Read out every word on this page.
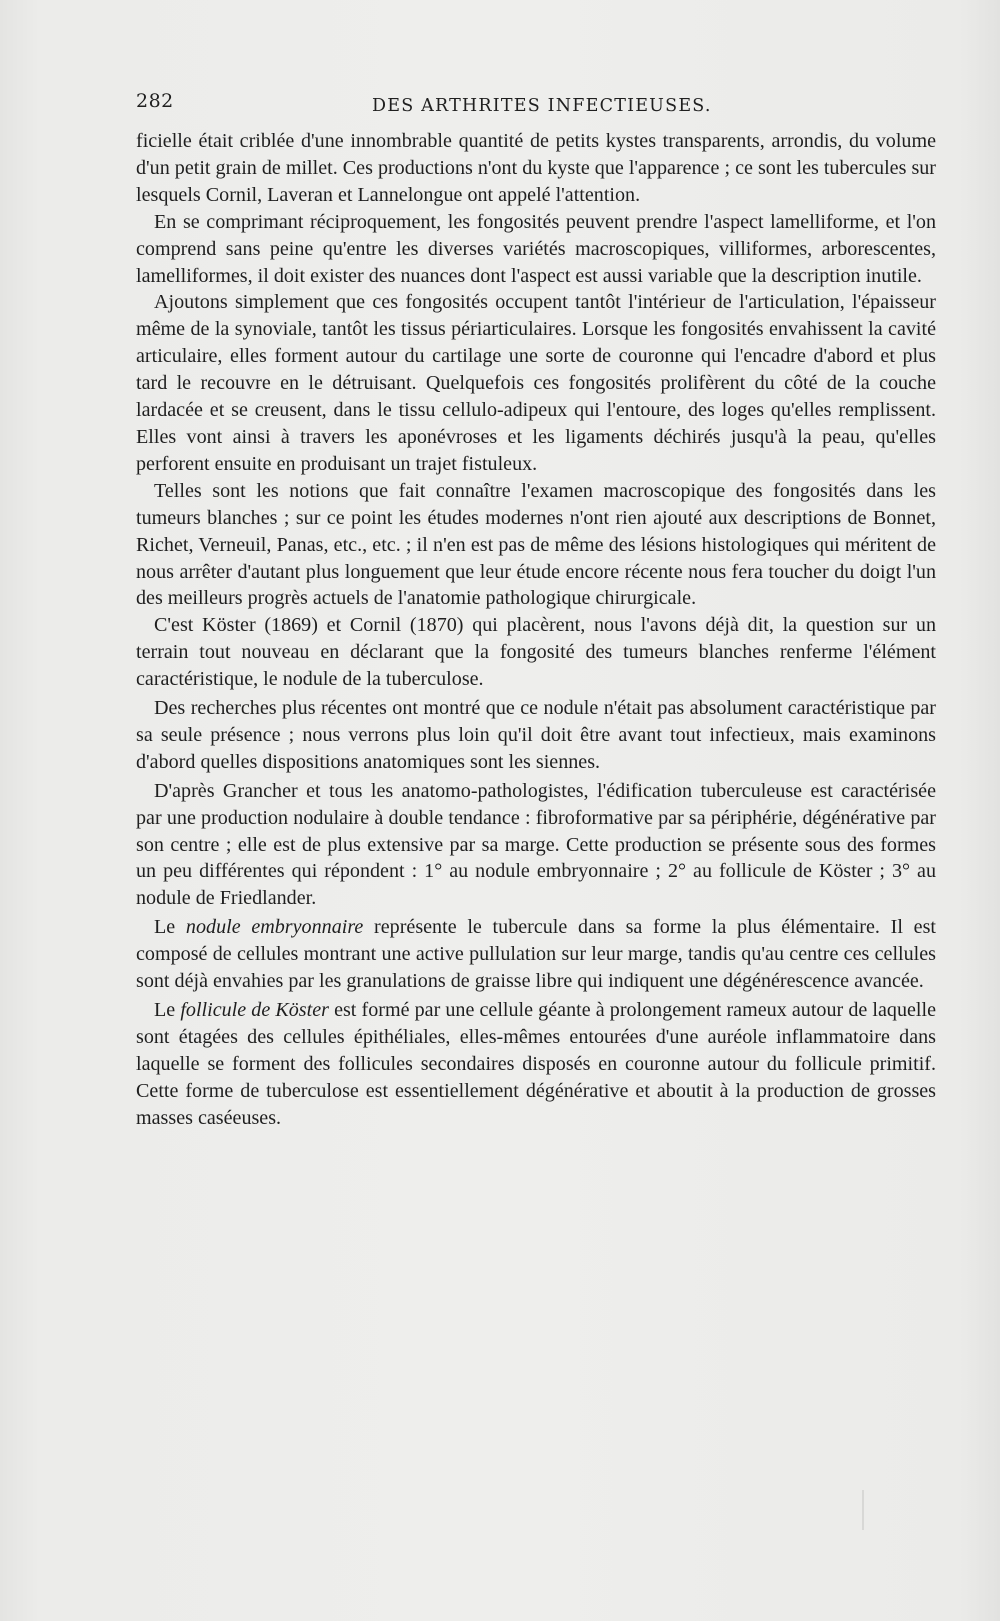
282	DES ARTHRITES INFECTIEUSES.

ficielle était criblée d'une innombrable quantité de petits kystes transparents, arrondis, du volume d'un petit grain de millet. Ces productions n'ont du kyste que l'apparence ; ce sont les tubercules sur lesquels Cornil, Laveran et Lannelongue ont appelé l'attention.

En se comprimant réciproquement, les fongosités peuvent prendre l'aspect lamelliforme, et l'on comprend sans peine qu'entre les diverses variétés macroscopiques, villiformes, arborescentes, lamelliformes, il doit exister des nuances dont l'aspect est aussi variable que la description inutile.

Ajoutons simplement que ces fongosités occupent tantôt l'intérieur de l'articulation, l'épaisseur même de la synoviale, tantôt les tissus périarticulaires. Lorsque les fongosités envahissent la cavité articulaire, elles forment autour du cartilage une sorte de couronne qui l'encadre d'abord et plus tard le recouvre en le détruisant. Quelquefois ces fongosités prolifèrent du côté de la couche lardacée et se creusent, dans le tissu cellulo-adipeux qui l'entoure, des loges qu'elles remplissent. Elles vont ainsi à travers les aponévroses et les ligaments déchirés jusqu'à la peau, qu'elles perforent ensuite en produisant un trajet fistuleux.

Telles sont les notions que fait connaître l'examen macroscopique des fongosités dans les tumeurs blanches ; sur ce point les études modernes n'ont rien ajouté aux descriptions de Bonnet, Richet, Verneuil, Panas, etc., etc. ; il n'en est pas de même des lésions histologiques qui méritent de nous arrêter d'autant plus longuement que leur étude encore récente nous fera toucher du doigt l'un des meilleurs progrès actuels de l'anatomie pathologique chirurgicale.

C'est Köster (1869) et Cornil (1870) qui placèrent, nous l'avons déjà dit, la question sur un terrain tout nouveau en déclarant que la fongosité des tumeurs blanches renferme l'élément caractéristique, le nodule de la tuberculose.

Des recherches plus récentes ont montré que ce nodule n'était pas absolument caractéristique par sa seule présence ; nous verrons plus loin qu'il doit être avant tout infectieux, mais examinons d'abord quelles dispositions anatomiques sont les siennes.

D'après Grancher et tous les anatomo-pathologistes, l'édification tuberculeuse est caractérisée par une production nodulaire à double tendance : fibroformative par sa périphérie, dégénérative par son centre ; elle est de plus extensive par sa marge. Cette production se présente sous des formes un peu différentes qui répondent : 1° au nodule embryonnaire ; 2° au follicule de Köster ; 3° au nodule de Friedlander.

Le nodule embryonnaire représente le tubercule dans sa forme la plus élémentaire. Il est composé de cellules montrant une active pullulation sur leur marge, tandis qu'au centre ces cellules sont déjà envahies par les granulations de graisse libre qui indiquent une dégénérescence avancée.

Le follicule de Köster est formé par une cellule géante à prolongement rameux autour de laquelle sont étagées des cellules épithéliales, elles-mêmes entourées d'une auréole inflammatoire dans laquelle se forment des follicules secondaires disposés en couronne autour du follicule primitif. Cette forme de tuberculose est essentiellement dégénérative et aboutit à la production de grosses masses caséeuses.
